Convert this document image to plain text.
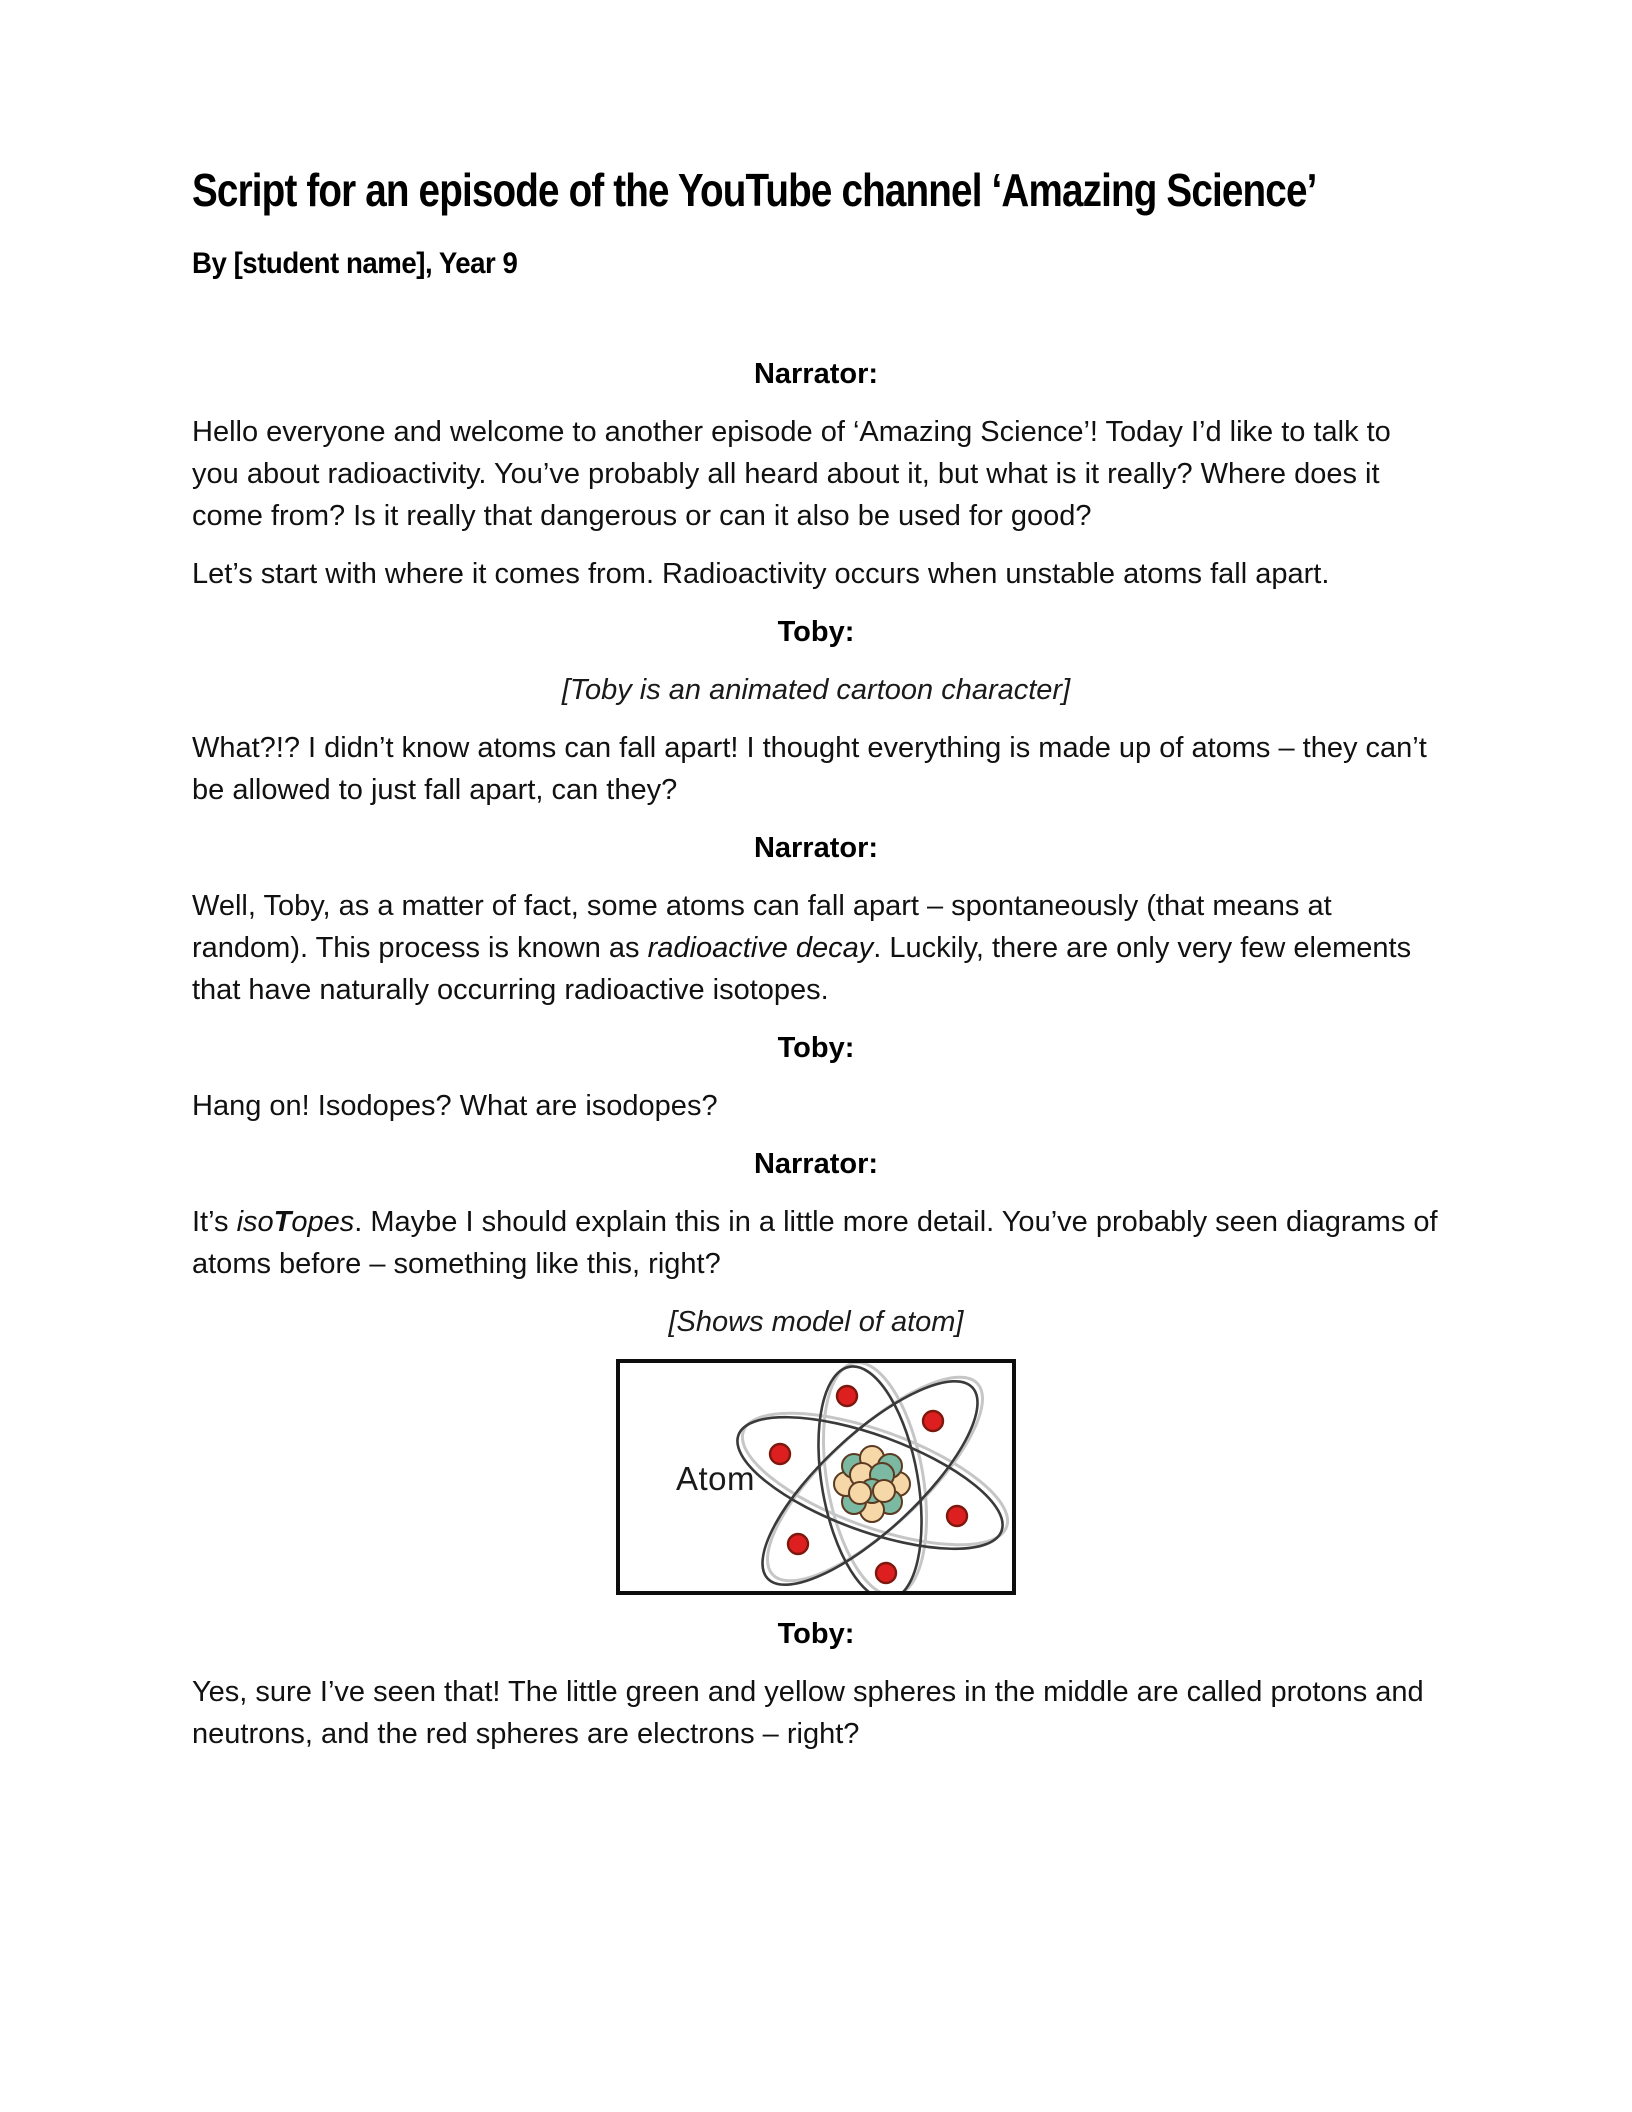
Script for an episode of the YouTube channel ‘Amazing Science’
By [student name], Year 9
Narrator:

Hello everyone and welcome to another episode of ‘Amazing Science’! Today I’d like to talk to you about radioactivity. You’ve probably all heard about it, but what is it really? Where does it come from? Is it really that dangerous or can it also be used for good?

Let’s start with where it comes from. Radioactivity occurs when unstable atoms fall apart.

Toby:
[Toby is an animated cartoon character]

What?!? I didn’t know atoms can fall apart! I thought everything is made up of atoms – they can’t be allowed to just fall apart, can they?

Narrator:

Well, Toby, as a matter of fact, some atoms can fall apart – spontaneously (that means at random). This process is known as radioactive decay. Luckily, there are only very few elements that have naturally occurring radioactive isotopes.

Toby:

Hang on! Isodopes? What are isodopes?

Narrator:

It’s isoTopes. Maybe I should explain this in a little more detail. You’ve probably seen diagrams of atoms before – something like this, right?

[Shows model of atom]
Atom
Toby:

Yes, sure I’ve seen that! The little green and yellow spheres in the middle are called protons and neutrons, and the red spheres are electrons – right?
